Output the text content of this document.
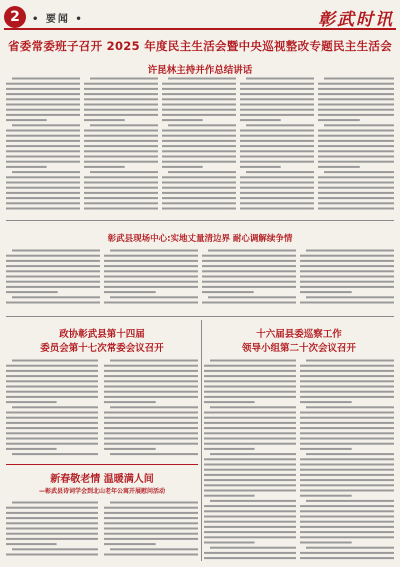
2	• 要闻 •	彰武时讯
省委常委班子召开 2025 年度民主生活会暨中央巡视整改专题民主生活会
许昆林主持并作总结讲话
彰武县现场中心:实地丈量清边界 耐心调解续争情
政协彰武县第十四届
委员会第十七次常委会议召开
十六届县委巡察工作
领导小组第二十次会议召开
新春敬老情 温暖满人间
—彰武县诗词学会到北山老年公寓开展慰问活动
